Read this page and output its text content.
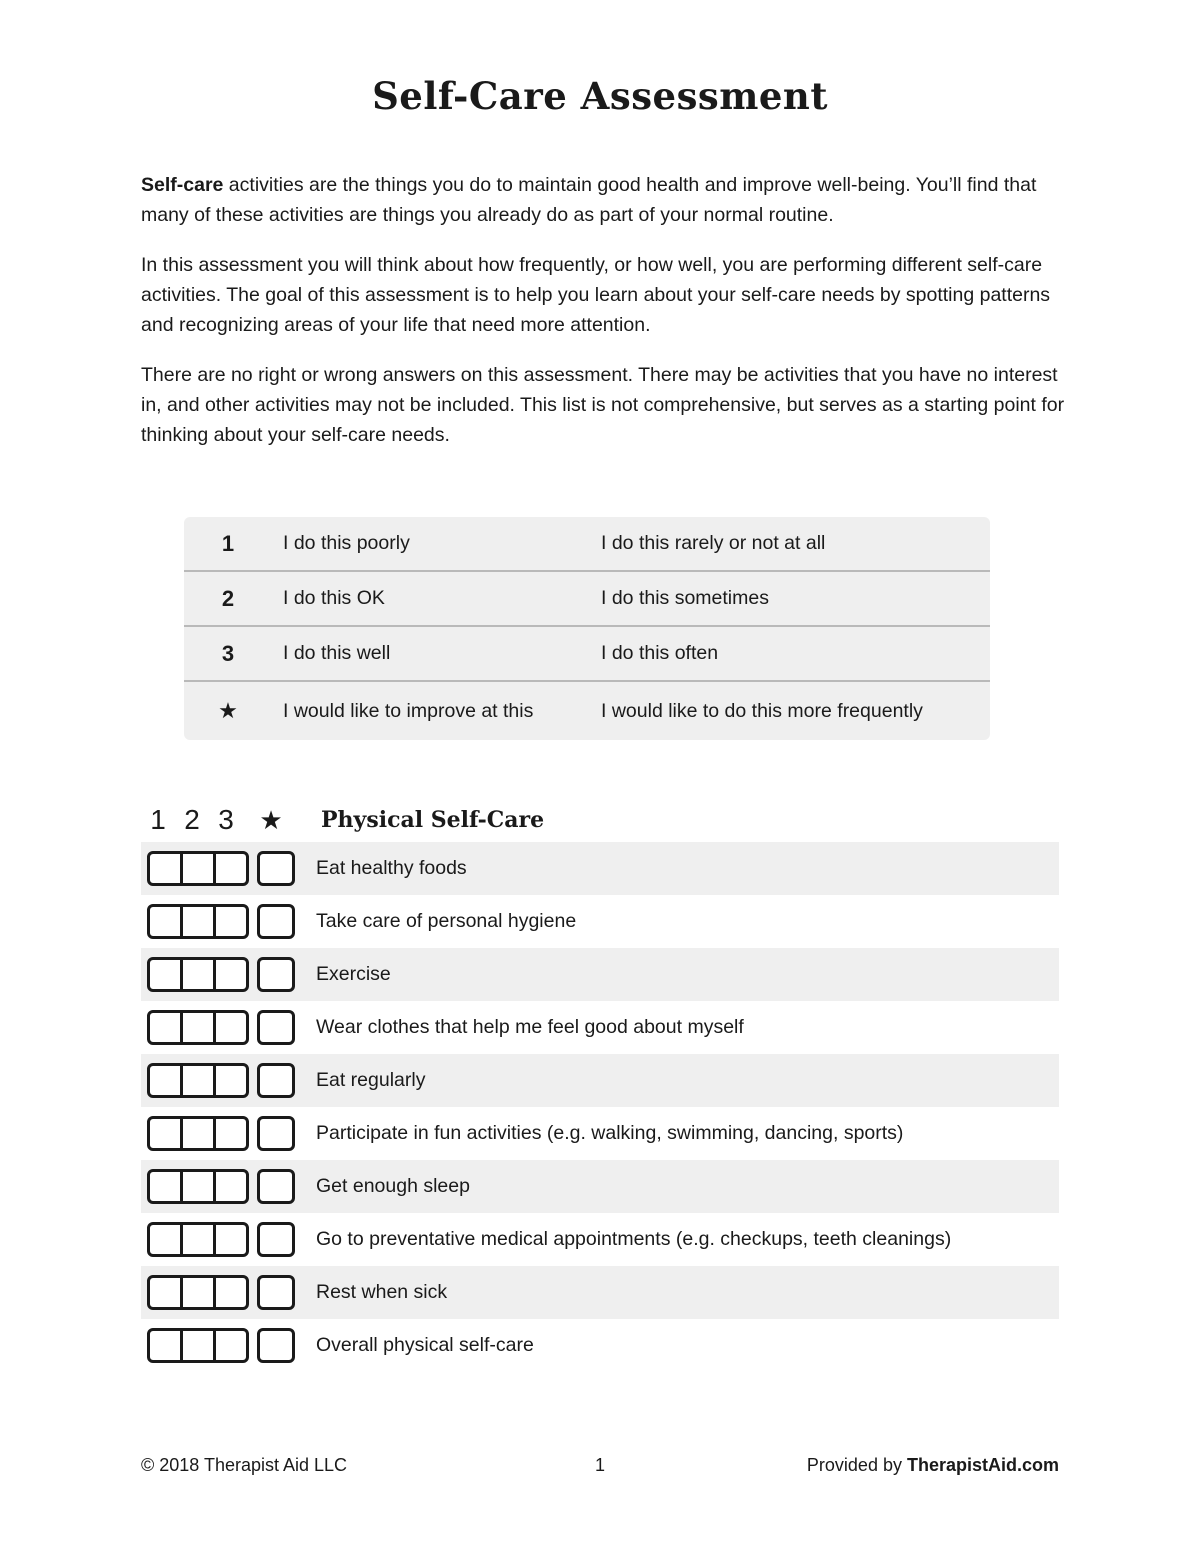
Self-Care Assessment

Self-care activities are the things you do to maintain good health and improve well-being. You’ll find that many of these activities are things you already do as part of your normal routine.

In this assessment you will think about how frequently, or how well, you are performing different self-care activities. The goal of this assessment is to help you learn about your self-care needs by spotting patterns and recognizing areas of your life that need more attention.

There are no right or wrong answers on this assessment. There may be activities that you have no interest in, and other activities may not be included. This list is not comprehensive, but serves as a starting point for thinking about your self-care needs.

1	I do this poorly	I do this rarely or not at all
2	I do this OK	I do this sometimes
3	I do this well	I do this often
★	I would like to improve at this	I would like to do this more frequently
1 2 3 ★	Physical Self-Care
Eat healthy foods
Take care of personal hygiene
Exercise
Wear clothes that help me feel good about myself
Eat regularly
Participate in fun activities (e.g. walking, swimming, dancing, sports)
Get enough sleep
Go to preventative medical appointments (e.g. checkups, teeth cleanings)
Rest when sick
Overall physical self-care
© 2018 Therapist Aid LLC	1	Provided by TherapistAid.com
